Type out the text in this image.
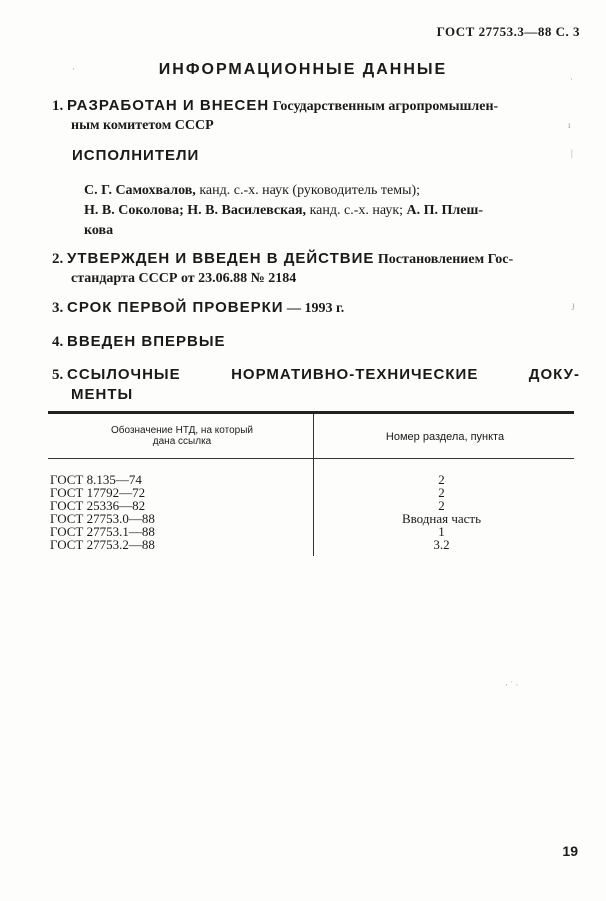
ГОСТ 27753.3—88 С. 3
ИНФОРМАЦИОННЫЕ ДАННЫЕ
1. РАЗРАБОТАН И ВНЕСЕН Государственным агропромышлен-
ным комитетом СССР
ИСПОЛНИТЕЛИ
С. Г. Самохвалов, канд. с.-х. наук (руководитель темы);
Н. В. Соколова; Н. В. Василевская, канд. с.-х. наук; А. П. Плеш-
кова
2. УТВЕРЖДЕН И ВВЕДЕН В ДЕЙСТВИЕ Постановлением Гос-
стандарта СССР от 23.06.88 № 2184
3. СРОК ПЕРВОЙ ПРОВЕРКИ — 1993 г.
4. ВВЕДЕН ВПЕРВЫЕ
5. ССЫЛОЧНЫЕ	НОРМАТИВНО-ТЕХНИЧЕСКИЕ	ДОКУ-
МЕНТЫ
Обозначение НТД, на который
дана ссылка	Номер раздела, пункта
ГОСТ 8.135—74	2
ГОСТ 17792—72	2
ГОСТ 25336—82	2
ГОСТ 27753.0—88	Вводная часть
ГОСТ 27753.1—88	1
ГОСТ 27753.2—88	3.2
·
ˌ
ı
|
ȷ
· ˙ ·
19
